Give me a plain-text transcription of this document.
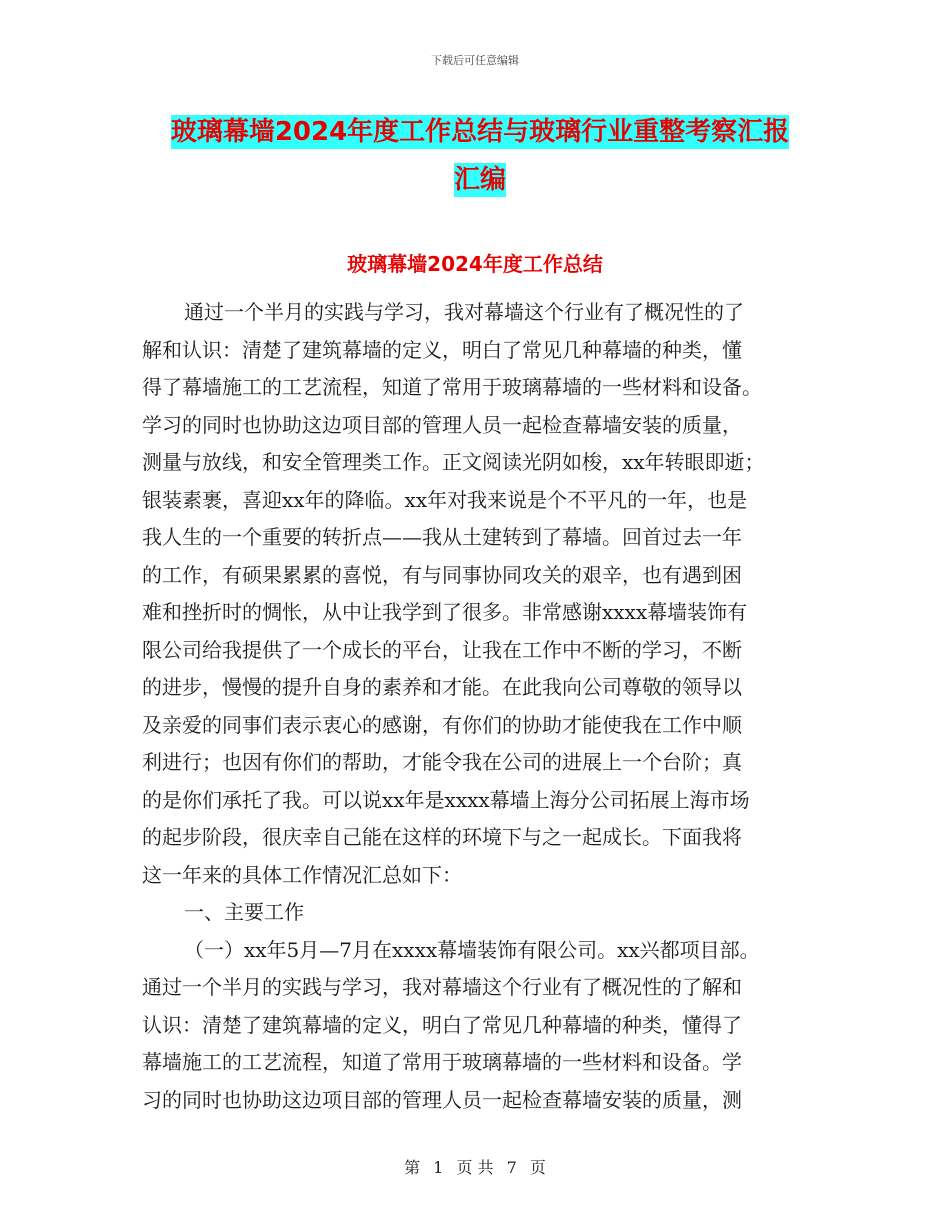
下载后可任意编辑
玻璃幕墙2024年度工作总结与玻璃行业重整考察汇报
汇编
玻璃幕墙2024年度工作总结
通过一个半月的实践与学习，我对幕墙这个行业有了概况性的了
解和认识：清楚了建筑幕墙的定义，明白了常见几种幕墙的种类，懂
得了幕墙施工的工艺流程，知道了常用于玻璃幕墙的一些材料和设备。
学习的同时也协助这边项目部的管理人员一起检查幕墙安装的质量，
测量与放线，和安全管理类工作。正文阅读光阴如梭，xx年转眼即逝；
银装素裹，喜迎xx年的降临。xx年对我来说是个不平凡的一年，也是
我人生的一个重要的转折点——我从土建转到了幕墙。回首过去一年
的工作，有硕果累累的喜悦，有与同事协同攻关的艰辛，也有遇到困
难和挫折时的惆怅，从中让我学到了很多。非常感谢xxxx幕墙装饰有
限公司给我提供了一个成长的平台，让我在工作中不断的学习，不断
的进步，慢慢的提升自身的素养和才能。在此我向公司尊敬的领导以
及亲爱的同事们表示衷心的感谢，有你们的协助才能使我在工作中顺
利进行；也因有你们的帮助，才能令我在公司的进展上一个台阶；真
的是你们承托了我。可以说xx年是xxxx幕墙上海分公司拓展上海市场
的起步阶段，很庆幸自己能在这样的环境下与之一起成长。下面我将
这一年来的具体工作情况汇总如下：
一、主要工作
（一）xx年5月—7月在xxxx幕墙装饰有限公司。xx兴都项目部。
通过一个半月的实践与学习，我对幕墙这个行业有了概况性的了解和
认识：清楚了建筑幕墙的定义，明白了常见几种幕墙的种类，懂得了
幕墙施工的工艺流程，知道了常用于玻璃幕墙的一些材料和设备。学
习的同时也协助这边项目部的管理人员一起检查幕墙安装的质量，测
第 1 页 共 7 页
